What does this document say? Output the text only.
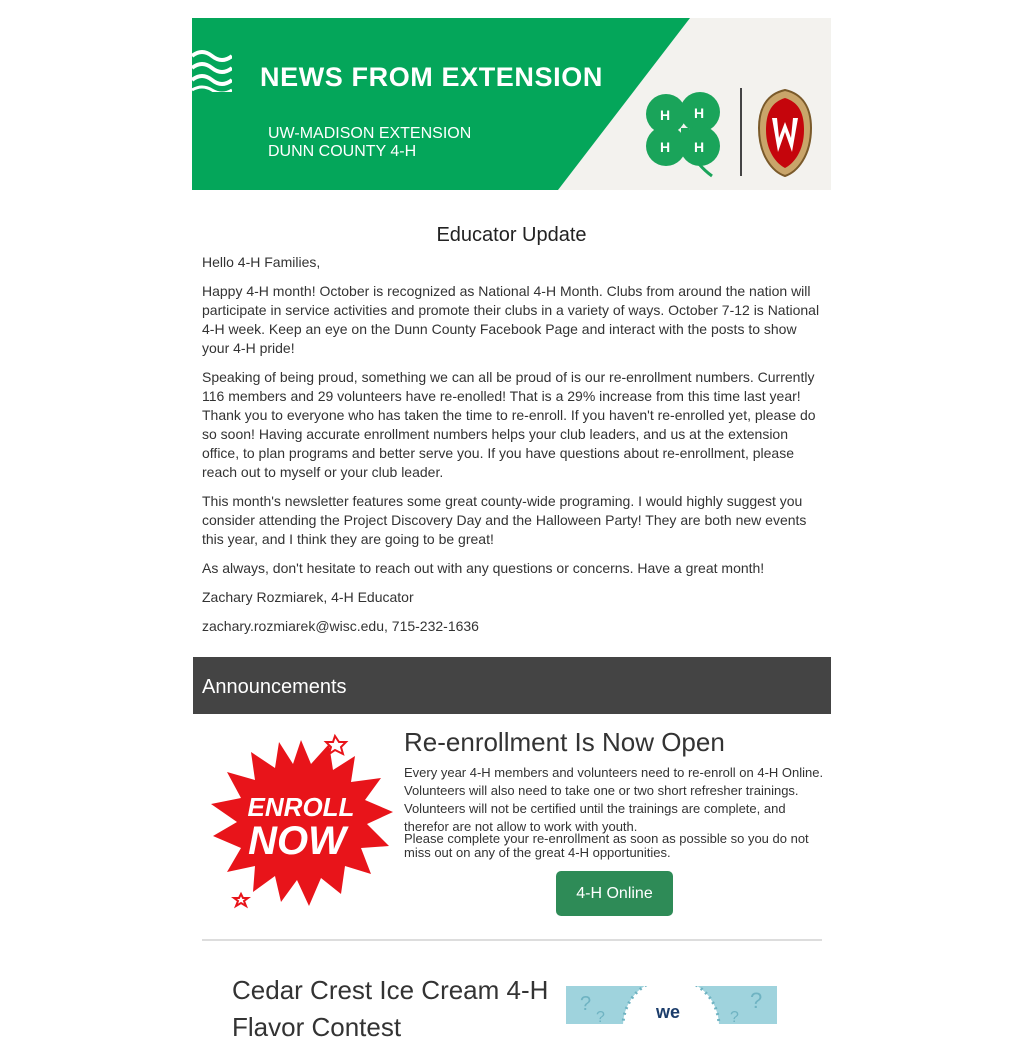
NEWS FROM EXTENSION
UW-MADISON EXTENSION
DUNN COUNTY 4-H
H H
H H
Educator Update
Hello 4-H Families,
Happy 4-H month! October is recognized as National 4-H Month. Clubs from around the nation will participate in service activities and promote their clubs in a variety of ways. October 7-12 is National 4-H week. Keep an eye on the Dunn County Facebook Page and interact with the posts to show your 4-H pride!
Speaking of being proud, something we can all be proud of is our re-enrollment numbers. Currently 116 members and 29 volunteers have re-enolled! That is a 29% increase from this time last year! Thank you to everyone who has taken the time to re-enroll. If you haven't re-enrolled yet, please do so soon! Having accurate enrollment numbers helps your club leaders, and us at the extension office, to plan programs and better serve you. If you have questions about re-enrollment, please reach out to myself or your club leader.
This month's newsletter features some great county-wide programing. I would highly suggest you consider attending the Project Discovery Day and the Halloween Party! They are both new events this year, and I think they are going to be great!
As always, don't hesitate to reach out with any questions or concerns. Have a great month!
Zachary Rozmiarek, 4-H Educator
zachary.rozmiarek@wisc.edu, 715-232-1636
Announcements
ENROLL
NOW
Re-enrollment Is Now Open
Every year 4-H members and volunteers need to re-enroll on 4-H Online. Volunteers will also need to take one or two short refresher trainings. Volunteers will not be certified until the trainings are complete, and therefor are not allow to work with youth.
Please complete your re-enrollment as soon as possible so you do not miss out on any of the great 4-H opportunities.
4-H Online
Cedar Crest Ice Cream 4-H
Flavor Contest
?	?
?	?
we
